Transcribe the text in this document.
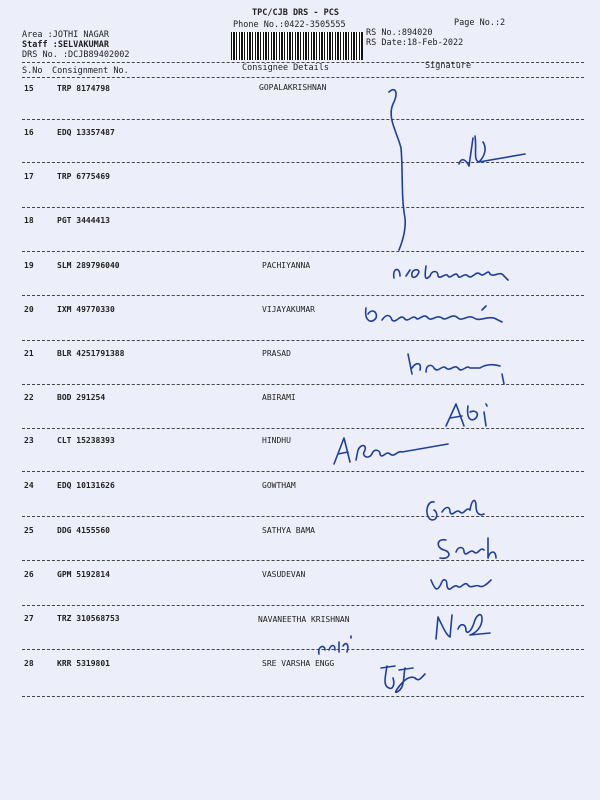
TPC/CJB DRS - PCS
Phone No.:0422-3505555	Page No.:2
Area :JOTHI NAGAR
Staff :SELVAKUMAR
DRS No. :DCJB89402002
RS No.:894020
RS Date:18-Feb-2022
S.No Consignment No.	Consignee Details	Signature
15	TRP 8174798	GOPALAKRISHNAN
16	EDQ 13357487
17	TRP 6775469
18	PGT 3444413
19	SLM 289796040	PACHIYANNA
20	IXM 49770330	VIJAYAKUMAR
21	BLR 4251791388	PRASAD
22	BOD 291254	ABIRAMI
23	CLT 15238393	HINDHU
24	EDQ 10131626	GOWTHAM
25	DDG 4155560	SATHYA BAMA
26	GPM 5192814	VASUDEVAN
27	TRZ 310568753	NAVANEETHA KRISHNAN
28	KRR 5319801	SRE VARSHA ENGG
A.Rosi
